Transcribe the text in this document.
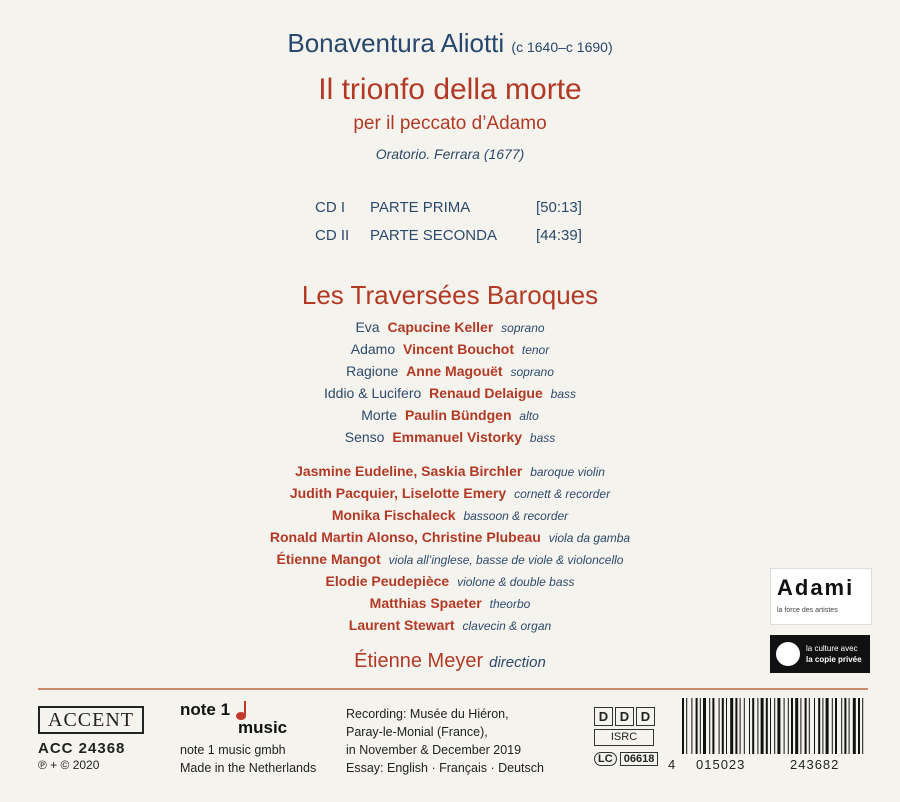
Bonaventura Aliotti (c 1640–c 1690)
Il trionfo della morte
per il peccato d’Adamo
Oratorio. Ferrara (1677)
CD I	PARTE PRIMA	[50:13]
CD II	PARTE SECONDA	[44:39]
Les Traversées Baroques
Eva Capucine Keller soprano
Adamo Vincent Bouchot tenor
Ragione Anne Magouët soprano
Iddio & Lucifero Renaud Delaigue bass
Morte Paulin Bündgen alto
Senso Emmanuel Vistorky bass
Jasmine Eudeline, Saskia Birchler baroque violin
Judith Pacquier, Liselotte Emery cornett & recorder
Monika Fischaleck bassoon & recorder
Ronald Martin Alonso, Christine Plubeau viola da gamba
Étienne Mangot viola all’inglese, basse de viole & violoncello
Elodie Peudepièce violone & double bass
Matthias Spaeter theorbo
Laurent Stewart clavecin & organ
Étienne Meyer direction
Adami
la force des artistes
la culture avec
la copie privée
ACCENT
ACC 24368
℗ + © 2020
note 1
music
note 1 music gmbh
Made in the Netherlands
Recording: Musée du Hiéron,
Paray-le-Monial (France),
in November & December 2019
Essay: English · Français · Deutsch
D D D
ISRC
LC 06618	4 015023	243682
